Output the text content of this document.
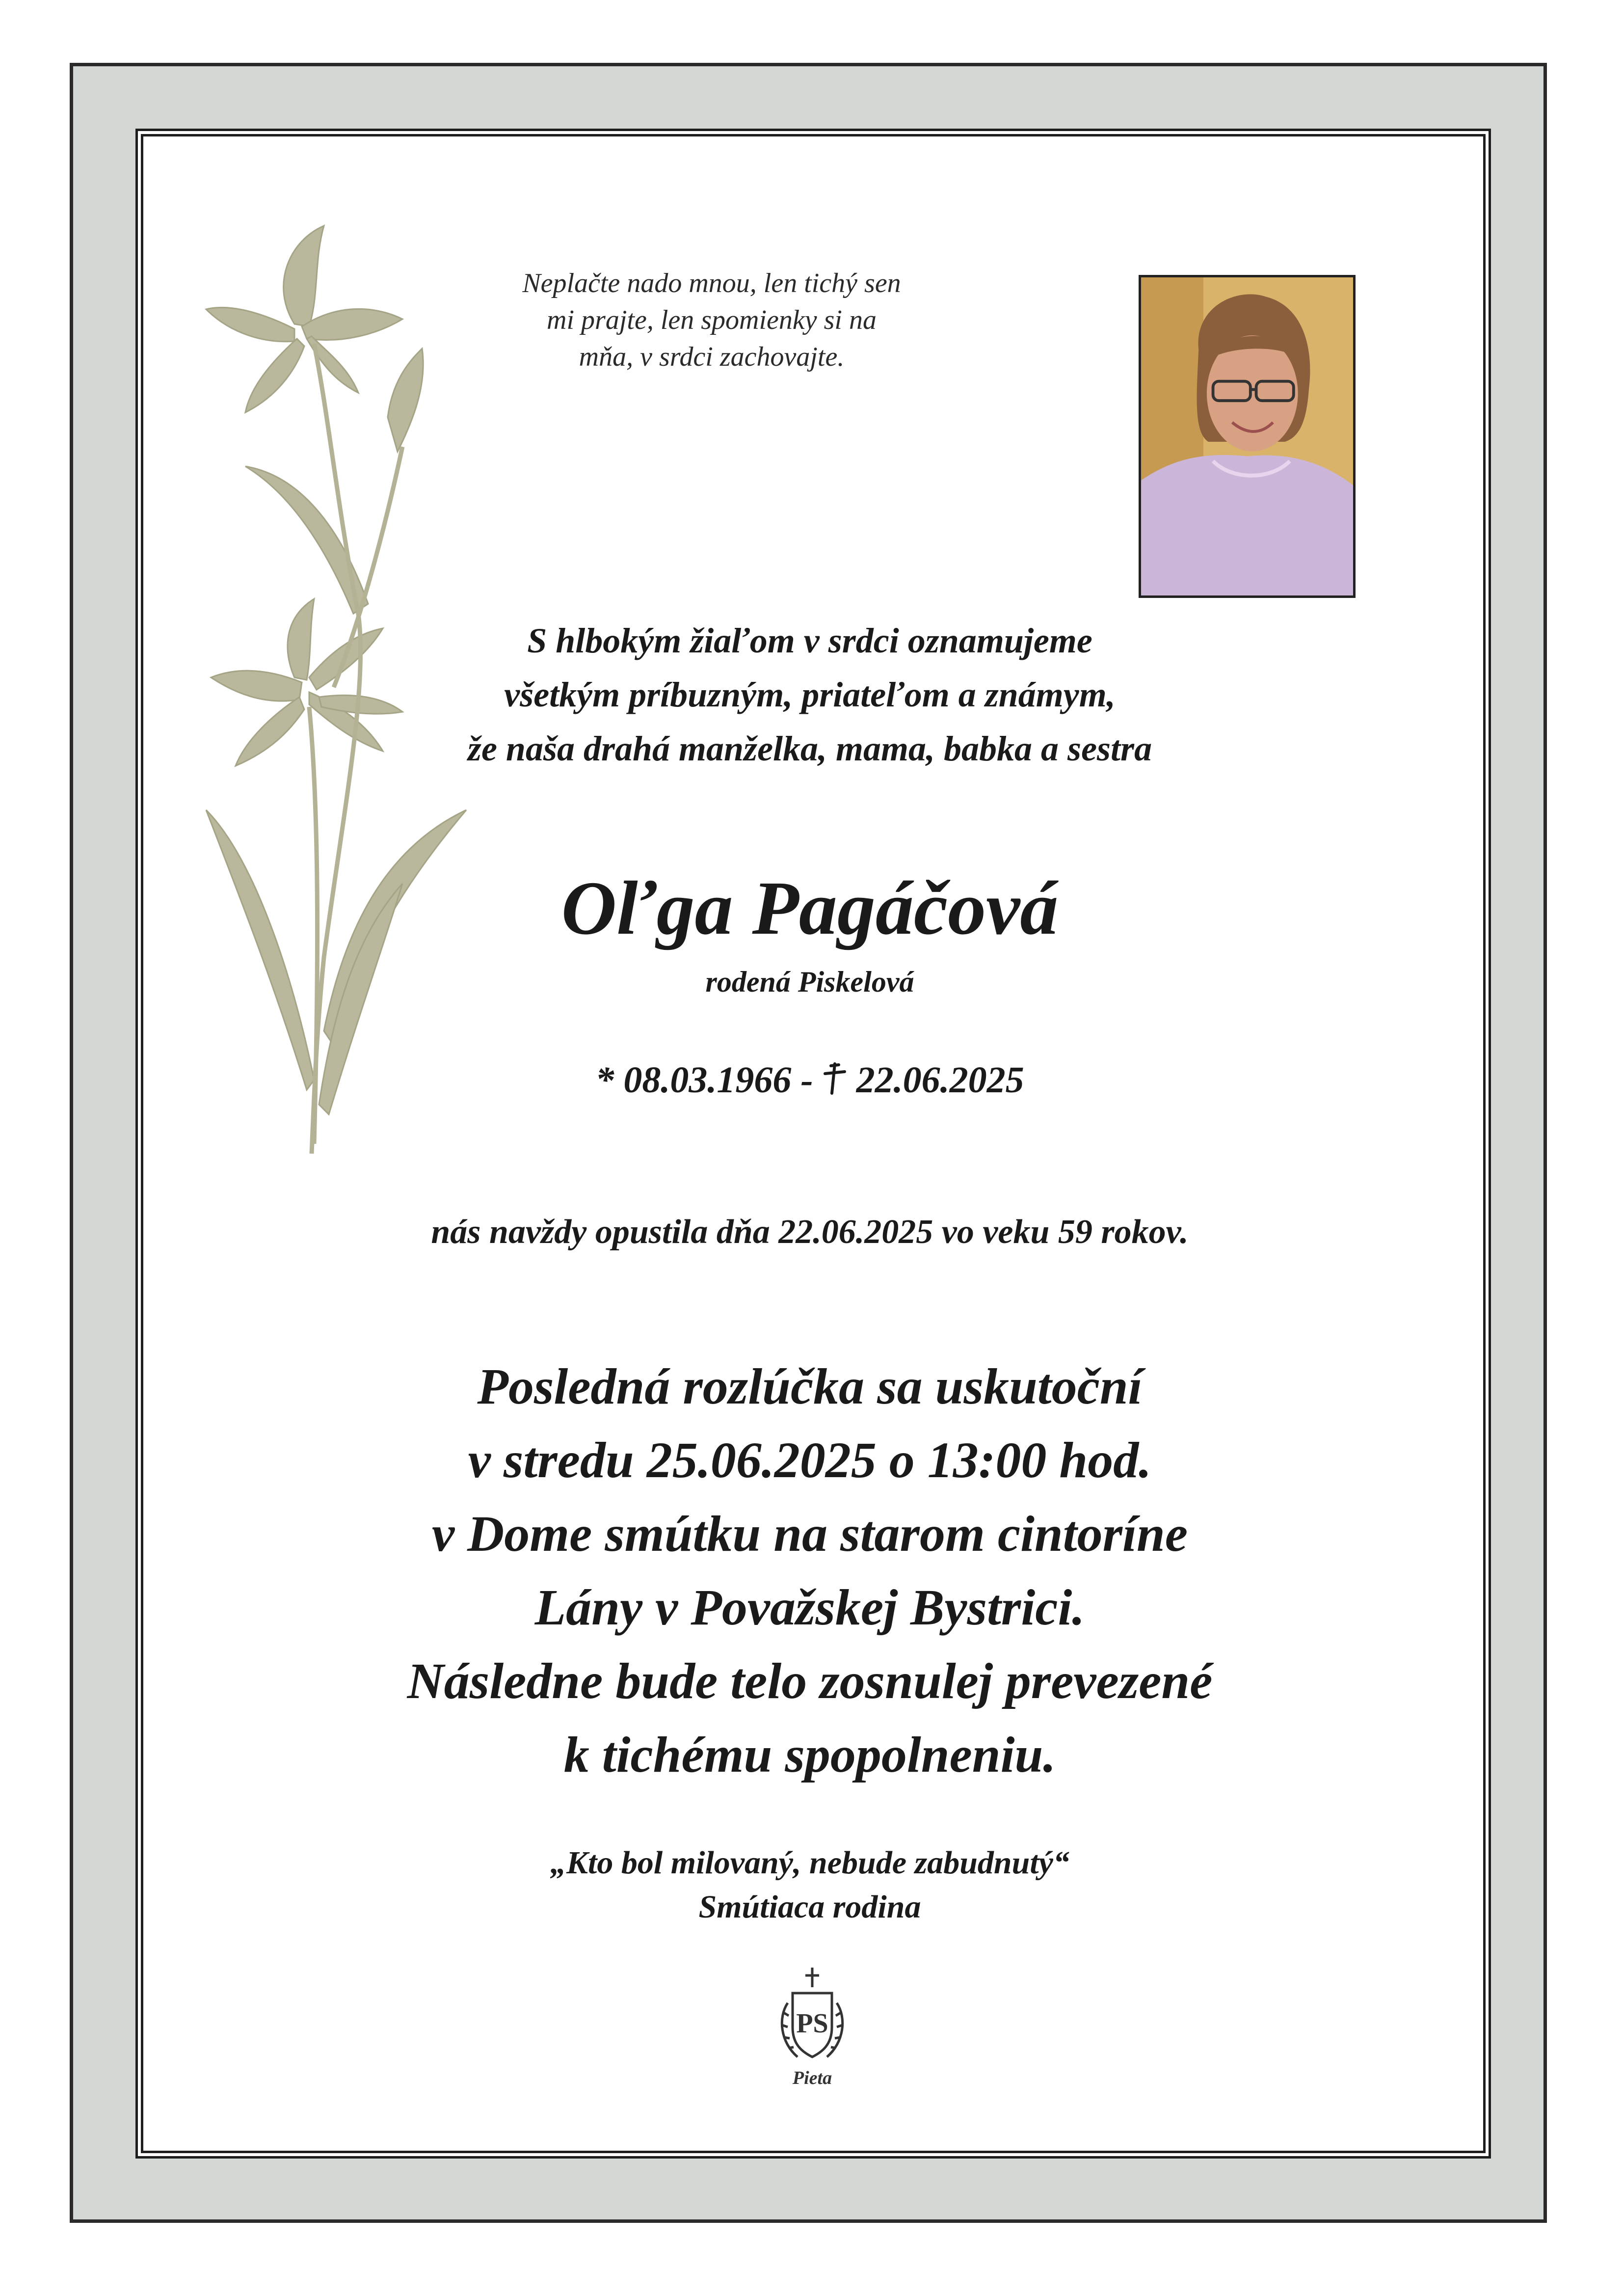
Neplačte nado mnou, len tichý sen
mi prajte, len spomienky si na
mňa, v srdci zachovajte.
S hlbokým žiaľom v srdci oznamujeme
všetkým príbuzným, priateľom a známym,
že naša drahá manželka, mama, babka a sestra
Oľga Pagáčová
rodená Piskelová
* 08.03.1966 - 22.06.2025
nás navždy opustila dňa 22.06.2025 vo veku 59 rokov.
Posledná rozlúčka sa uskutoční
v stredu 25.06.2025 o 13:00 hod.
v Dome smútku na starom cintoríne
Lány v Považskej Bystrici.
Následne bude telo zosnulej prevezené
k tichému spopolneniu.
„Kto bol milovaný, nebude zabudnutý“
Smútiaca rodina
PS
Pieta
